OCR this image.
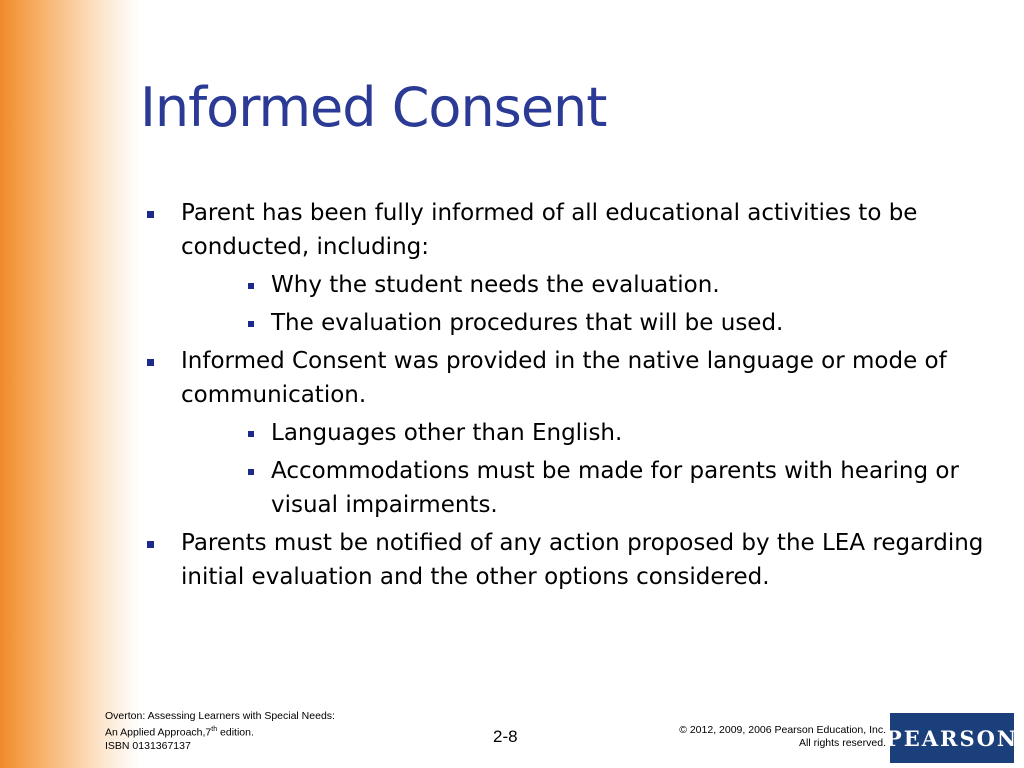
Informed Consent
Parent has been fully informed of all educational activities to be conducted, including:
Why the student needs the evaluation.
The evaluation procedures that will be used.
Informed Consent was provided in the native language or mode of communication.
Languages other than English.
Accommodations must be made for parents with hearing or visual impairments.
Parents must be notified of any action proposed by the LEA regarding initial evaluation and the other options considered.
Overton: Assessing Learners with Special Needs:
An Applied Approach,7th edition.
ISBN 0131367137	2-8	© 2012, 2009, 2006 Pearson Education, Inc.
All rights reserved. PEARSON
